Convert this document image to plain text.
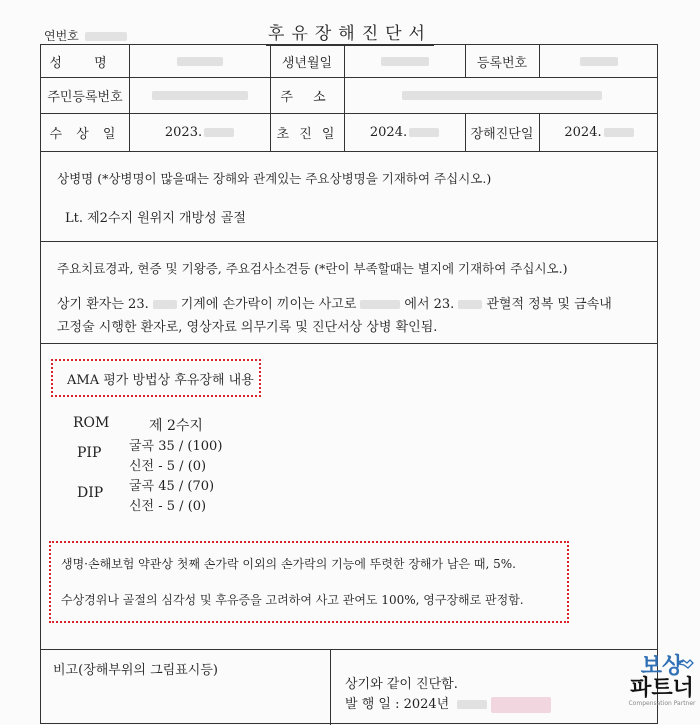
연번호	후유장해진단서
성 명	생년월일	등록번호
주민등록번호	주 소
수 상 일	2023.	초 진 일	2024.	장해진단일	2024.
상병명 (*상병명이 많을때는 장해와 관계있는 주요상병명을 기재하여 주십시오.)
Lt. 제2수지 원위지 개방성 골절
주요치료경과, 현증 및 기왕증, 주요검사소견등 (*란이 부족할때는 별지에 기재하여 주십시오.)
상기 환자는 23. 기계에 손가락이 끼이는 사고로	에서 23. 관혈적 정복 및 금속내
고정술 시행한 환자로, 영상자료 의무기록 및 진단서상 상병 확인됨.
AMA 평가 방법상 후유장해 내용
ROM	제 2수지
PIP 굴곡 35 / (100)
신전 - 5 / (0)
DIP 굴곡 45 / (70)
신전 - 5 / (0)
생명·손해보험 약관상 첫째 손가락 이외의 손가락의 기능에 뚜렷한 장해가 남은 때, 5%.
수상경위나 골절의 심각성 및 후유증을 고려하여 사고 관여도 100%, 영구장해로 판정함.
비고(장해부위의 그림표시등)
상기와 같이 진단함.
발 행 일 : 2024년
보상
파트너
Compensation Partner
